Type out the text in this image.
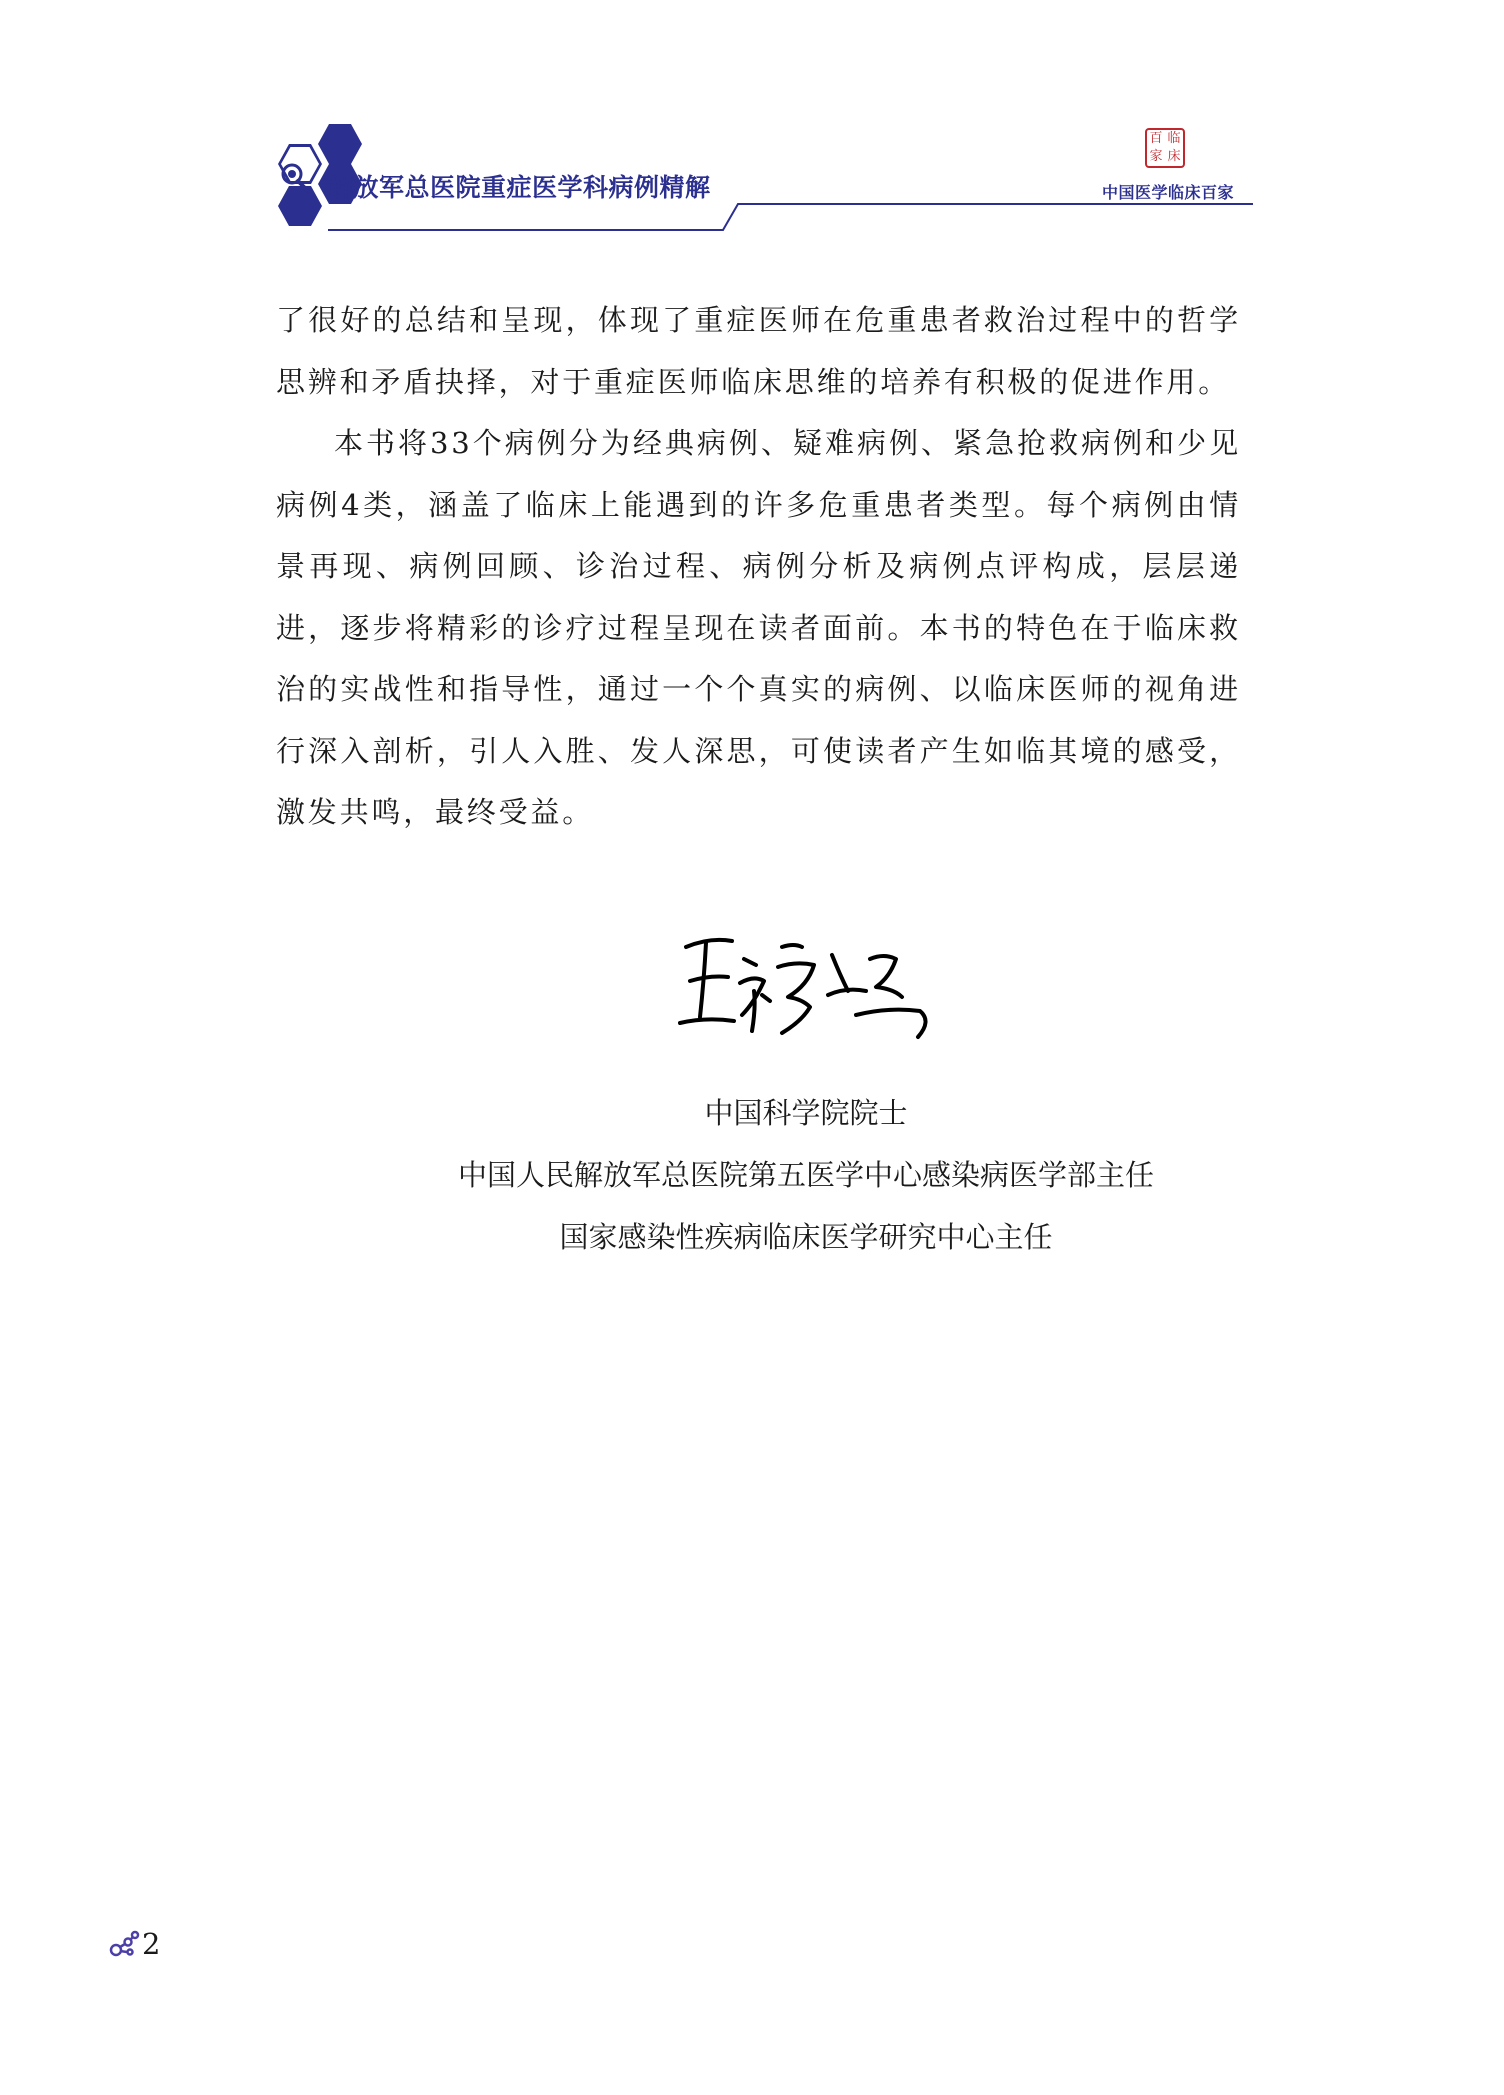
解放军总医院重症医学科病例精解
百 临
家 床
中国医学临床百家

了很好的总结和呈现，体现了重症医师在危重患者救治过程中的哲学思辨和矛盾抉择，对于重症医师临床思维的培养有积极的促进作用。

本书将33个病例分为经典病例、疑难病例、紧急抢救病例和少见病例4类，涵盖了临床上能遇到的许多危重患者类型。每个病例由情景再现、病例回顾、诊治过程、病例分析及病例点评构成，层层递进，逐步将精彩的诊疗过程呈现在读者面前。本书的特色在于临床救治的实战性和指导性，通过一个个真实的病例、以临床医师的视角进行深入剖析，引人入胜、发人深思，可使读者产生如临其境的感受，激发共鸣，最终受益。

中国科学院院士
中国人民解放军总医院第五医学中心感染病医学部主任
国家感染性疾病临床医学研究中心主任
2
